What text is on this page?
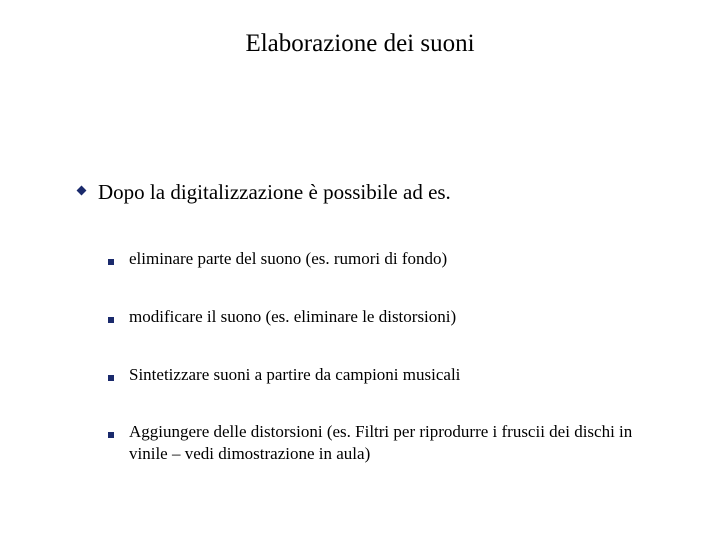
Elaborazione dei suoni
Dopo la digitalizzazione è possibile ad es.
eliminare parte del suono (es. rumori di fondo)
modificare il suono (es. eliminare le distorsioni)
Sintetizzare suoni a partire da campioni musicali
Aggiungere delle distorsioni (es. Filtri per riprodurre i fruscii dei dischi in vinile – vedi dimostrazione in aula)
